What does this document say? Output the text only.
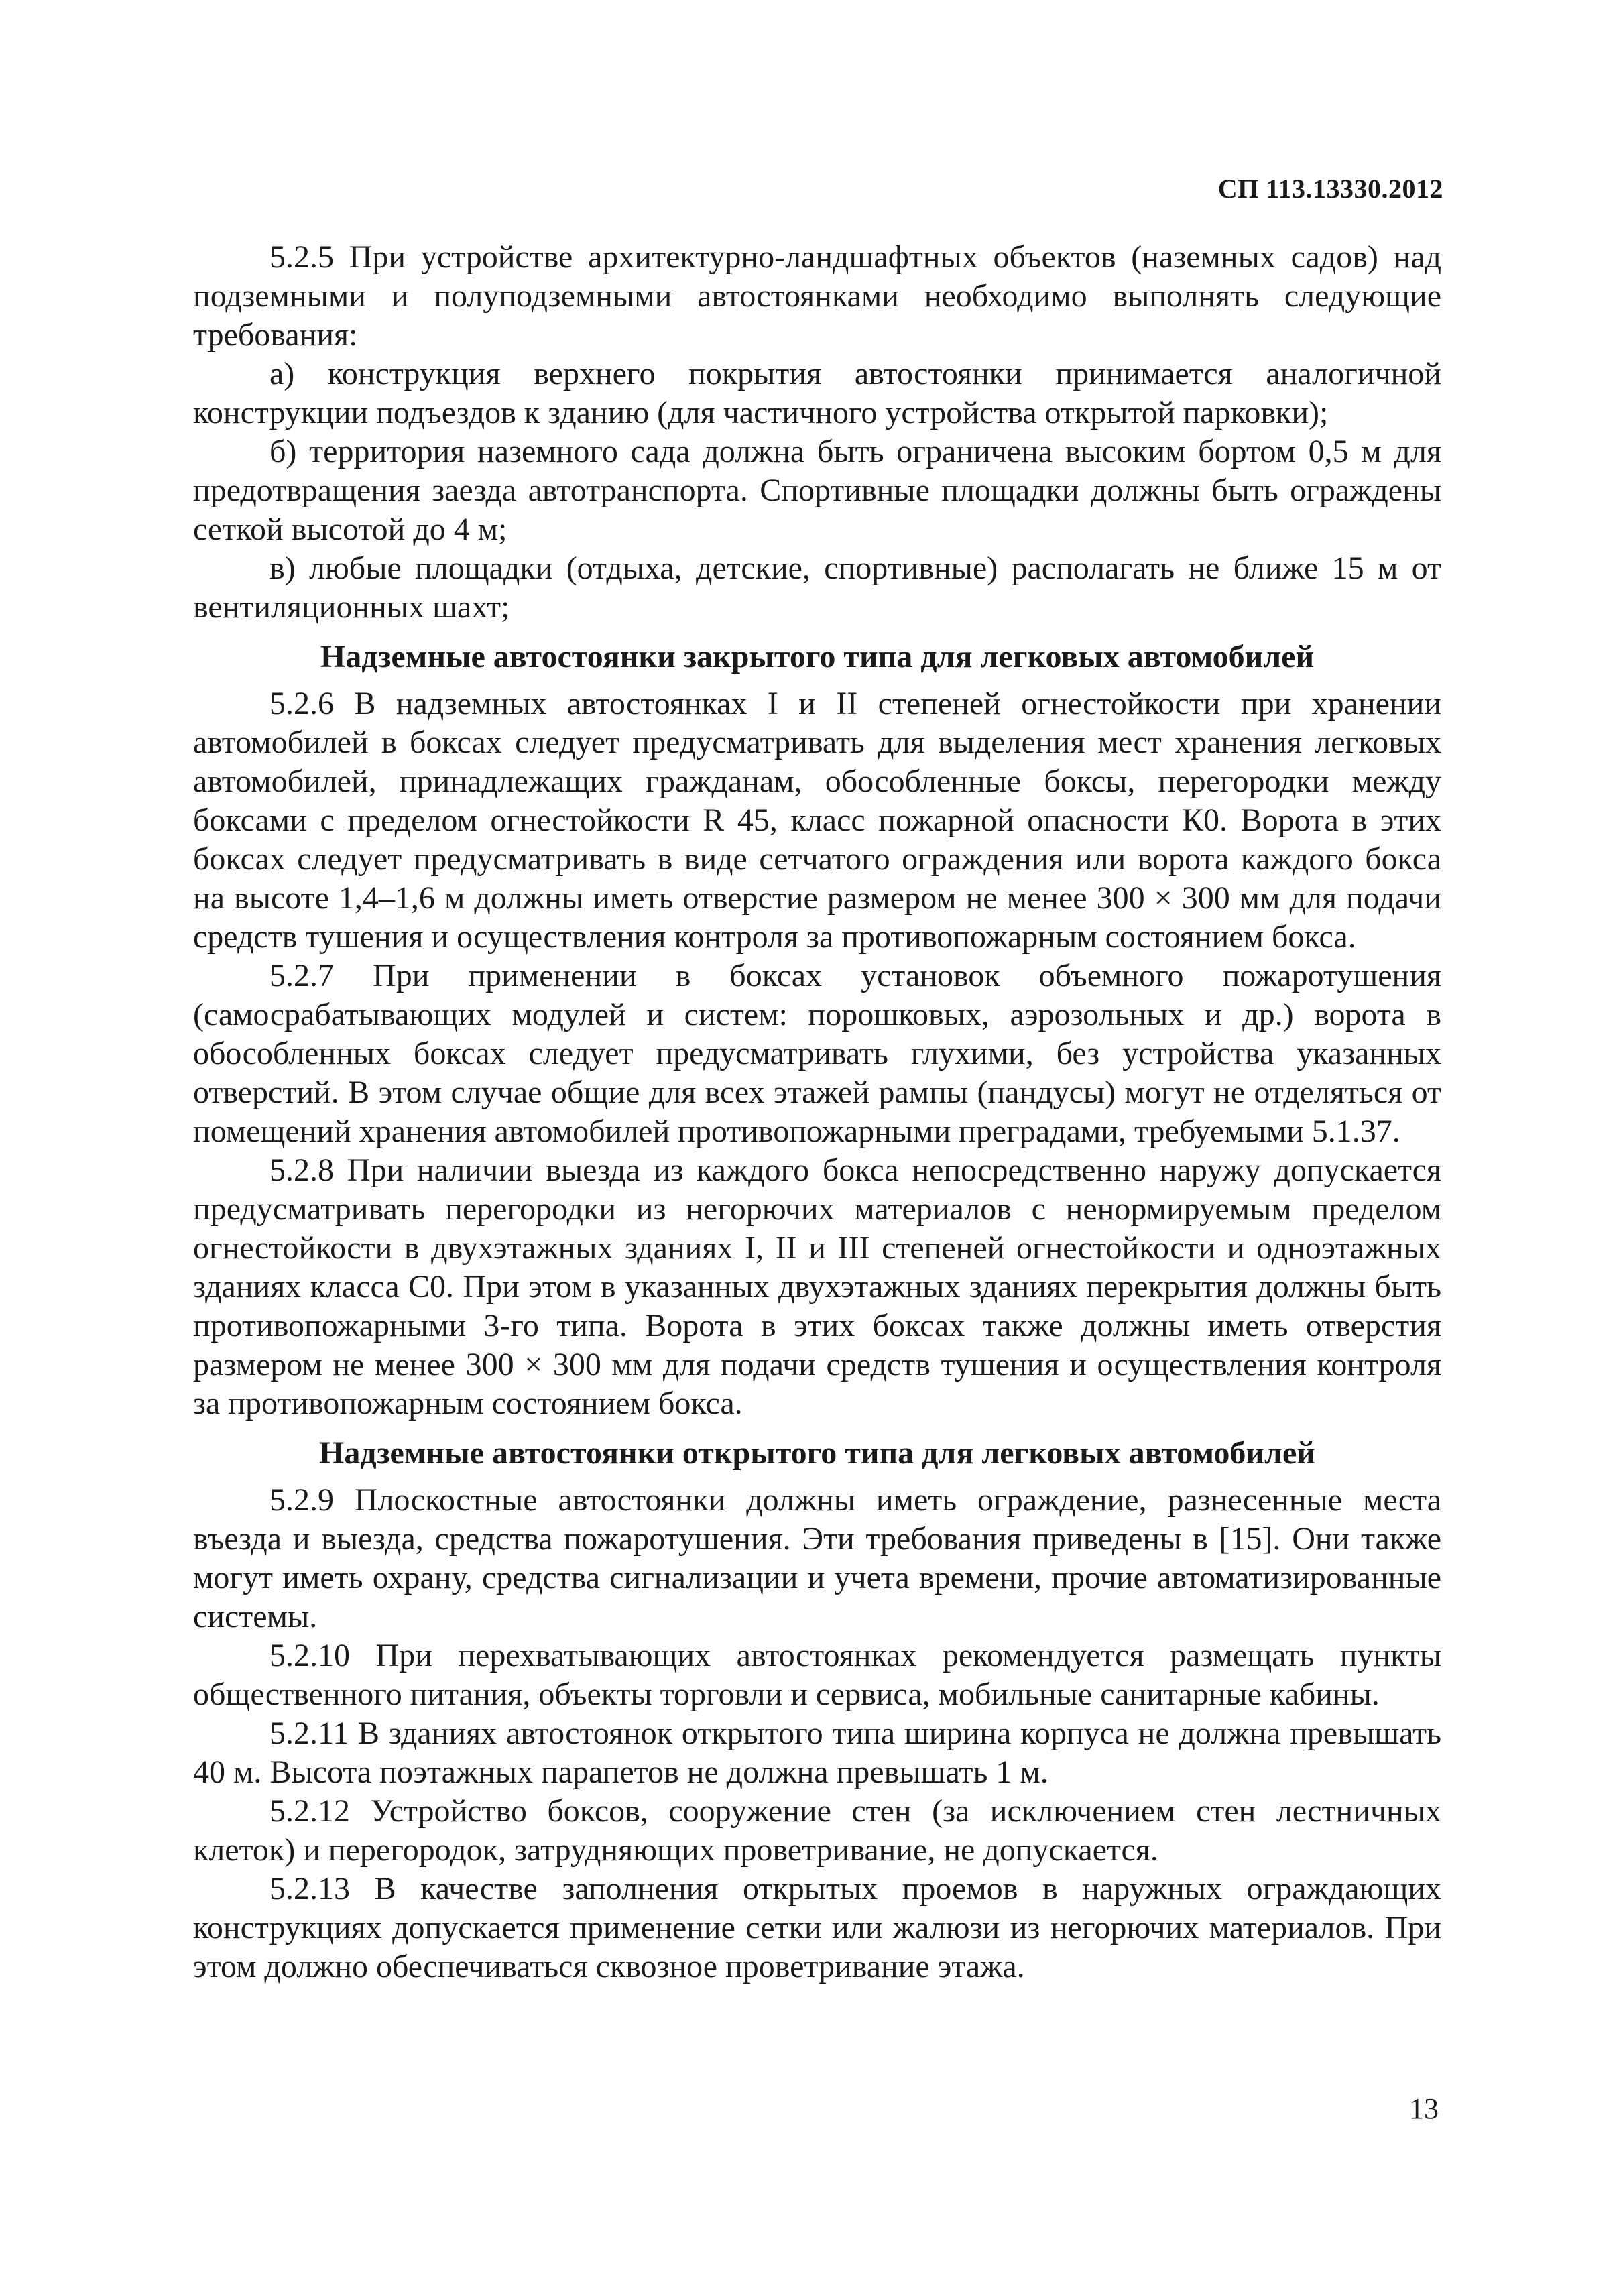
СП 113.13330.2012

5.2.5 При устройстве архитектурно-ландшафтных объектов (наземных садов) над подземными и полуподземными автостоянками необходимо выполнять следующие требования:

а) конструкция верхнего покрытия автостоянки принимается аналогичной конструкции подъездов к зданию (для частичного устройства открытой парковки);

б) территория наземного сада должна быть ограничена высоким бортом 0,5 м для предотвращения заезда автотранспорта. Спортивные площадки должны быть ограждены сеткой высотой до 4 м;

в) любые площадки (отдыха, детские, спортивные) располагать не ближе 15 м от вентиляционных шахт;

Надземные автостоянки закрытого типа для легковых автомобилей

5.2.6 В надземных автостоянках I и II степеней огнестойкости при хранении автомобилей в боксах следует предусматривать для выделения мест хранения легковых автомобилей, принадлежащих гражданам, обособленные боксы, перегородки между боксами с пределом огнестойкости R 45, класс пожарной опасности К0. Ворота в этих боксах следует предусматривать в виде сетчатого ограждения или ворота каждого бокса на высоте 1,4–1,6 м должны иметь отверстие размером не менее 300 × 300 мм для подачи средств тушения и осуществления контроля за противопожарным состоянием бокса.

5.2.7 При применении в боксах установок объемного пожаротушения (самосрабатывающих модулей и систем: порошковых, аэрозольных и др.) ворота в обособленных боксах следует предусматривать глухими, без устройства указанных отверстий. В этом случае общие для всех этажей рампы (пандусы) могут не отделяться от помещений хранения автомобилей противопожарными преградами, требуемыми 5.1.37.

5.2.8 При наличии выезда из каждого бокса непосредственно наружу допускается предусматривать перегородки из негорючих материалов с ненормируемым пределом огнестойкости в двухэтажных зданиях I, II и III степеней огнестойкости и одноэтажных зданиях класса С0. При этом в указанных двухэтажных зданиях перекрытия должны быть противопожарными 3-го типа. Ворота в этих боксах также должны иметь отверстия размером не менее 300 × 300 мм для подачи средств тушения и осуществления контроля за противопожарным состоянием бокса.

Надземные автостоянки открытого типа для легковых автомобилей

5.2.9 Плоскостные автостоянки должны иметь ограждение, разнесенные места въезда и выезда, средства пожаротушения. Эти требования приведены в [15]. Они также могут иметь охрану, средства сигнализации и учета времени, прочие автоматизированные системы.

5.2.10 При перехватывающих автостоянках рекомендуется размещать пункты общественного питания, объекты торговли и сервиса, мобильные санитарные кабины.

5.2.11 В зданиях автостоянок открытого типа ширина корпуса не должна превышать 40 м. Высота поэтажных парапетов не должна превышать 1 м.

5.2.12 Устройство боксов, сооружение стен (за исключением стен лестничных клеток) и перегородок, затрудняющих проветривание, не допускается.

5.2.13 В качестве заполнения открытых проемов в наружных ограждающих конструкциях допускается применение сетки или жалюзи из негорючих материалов. При этом должно обеспечиваться сквозное проветривание этажа.

13
